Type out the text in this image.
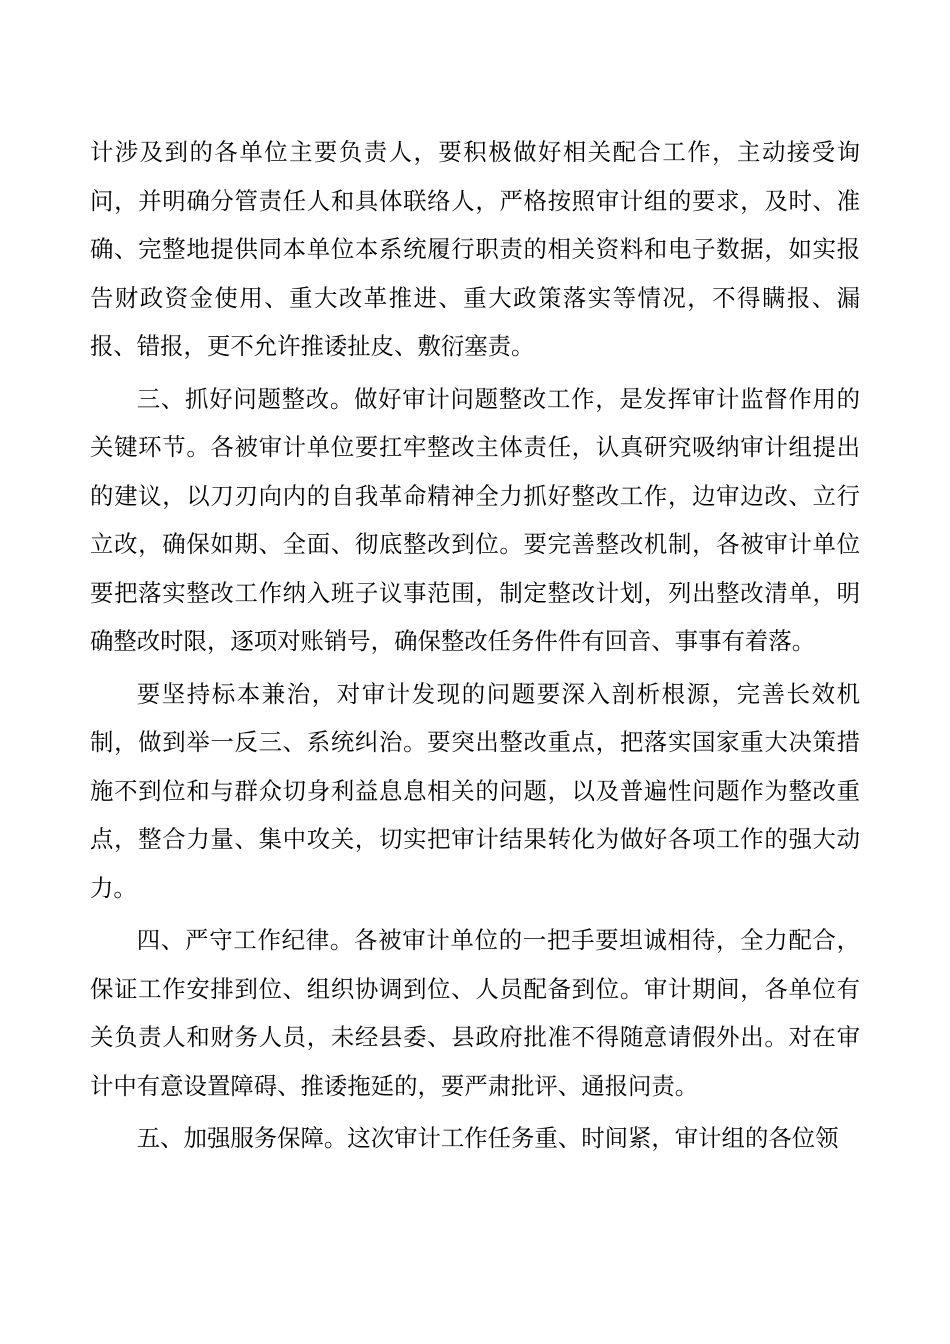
计涉及到的各单位主要负责人，要积极做好相关配合工作，主动接受询问，并明确分管责任人和具体联络人，严格按照审计组的要求，及时、准确、完整地提供同本单位本系统履行职责的相关资料和电子数据，如实报告财政资金使用、重大改革推进、重大政策落实等情况，不得瞒报、漏报、错报，更不允许推诿扯皮、敷衍塞责。

三、抓好问题整改。做好审计问题整改工作，是发挥审计监督作用的关键环节。各被审计单位要扛牢整改主体责任，认真研究吸纳审计组提出的建议，以刀刃向内的自我革命精神全力抓好整改工作，边审边改、立行立改，确保如期、全面、彻底整改到位。要完善整改机制，各被审计单位要把落实整改工作纳入班子议事范围，制定整改计划，列出整改清单，明确整改时限，逐项对账销号，确保整改任务件件有回音、事事有着落。

要坚持标本兼治，对审计发现的问题要深入剖析根源，完善长效机制，做到举一反三、系统纠治。要突出整改重点，把落实国家重大决策措施不到位和与群众切身利益息息相关的问题，以及普遍性问题作为整改重点，整合力量、集中攻关，切实把审计结果转化为做好各项工作的强大动力。

四、严守工作纪律。各被审计单位的一把手要坦诚相待，全力配合，保证工作安排到位、组织协调到位、人员配备到位。审计期间，各单位有关负责人和财务人员，未经县委、县政府批准不得随意请假外出。对在审计中有意设置障碍、推诿拖延的，要严肃批评、通报问责。

五、加强服务保障。这次审计工作任务重、时间紧，审计组的各位领
